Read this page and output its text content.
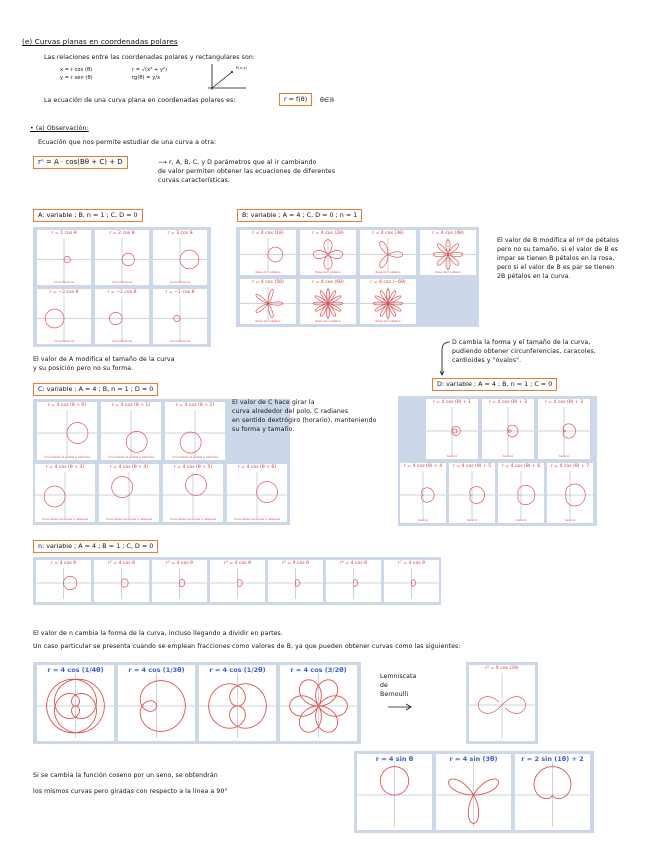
(e) Curvas planas en coordenadas polares
Las relaciones entre las coordenadas polares y rectangulares son:
x = r cos (θ)
y = r sen (θ)
r = √(x² + y²)
tg(θ) = y/x
P(x,y)
La ecuación de una curva plana en coordenadas polares es:	r = f(θ)	θ∈ℝ
• (a) Observación:
Ecuación que nos permite estudiar de una curva a otra:
rⁿ = A · cos(Bθ + C) + D	⟶ r, A, B, C, y D parámetros que al ir cambiando
de valor permiten obtener las ecuaciones de diferentes
curvas características.
A: variable ; B, n = 1 ; C, D = 0
r = 1 cos θ
Circunferencia
r = 2 cos θ
Circunferencia
r = 3 cos θ
Circunferencia
r = −3 cos θ
Circunferencia
r = −2 cos θ
Circunferencia
r = −1 cos θ
Circunferencia
El valor de A modifica el tamaño de la curva
y su posición pero no su forma.
B: variable ; A = 4 ; C, D = 0 ; n = 1
r = 4 cos (1θ)
Rosa de n pétalos
r = 4 cos (2θ)
Rosa de n pétalos
r = 4 cos (3θ)
Rosa de n pétalos
r = 4 cos (4θ)
Rosa de n pétalos
r = 4 cos (5θ)
Rosa de n pétalos
r = 4 cos (6θ)
Rosa de n pétalos
r = 4 cos (−6θ)
Rosa de n pétalos
El valor de B modifica el nº de pétalos
pero no su tamaño, si el valor de B es
impar se tienen B pétalos en la rosa,
pero si el valor de B es par se tienen
2B pétalos en la curva.
C: variable ; A = 4 ; B, n = 1 ; D = 0
r = 4 cos (θ + 0)
Circunferencia girada C radianes
r = 4 cos (θ + 1)
Circunferencia girada C radianes
r = 4 cos (θ + 2)
Circunferencia girada C radianes
r = 4 cos (θ + 3)
Circunferencia girada C radianes
r = 4 cos (θ + 4)
Circunferencia girada C radianes
r = 4 cos (θ + 5)
Circunferencia girada C radianes
r = 4 cos (θ + 6)
Circunferencia girada C radianes
El valor de C hace girar la
curva alrededor del polo, C radianes
en sentido dextrógiro (horario), manteniendo
su forma y tamaño.
D cambia la forma y el tamaño de la curva,
pudiendo obtener circunferencias, caracoles,
cardioides y "óvalos".
D: variable ; A = 4 ; B, n = 1 ; C = 0
r = 4 cos (θ) + 1
Caracol
r = 4 cos (θ) + 2
Caracol
r = 4 cos (θ) + 3
Caracol
r = 4 cos (θ) + 4
Caracol
r = 4 cos (θ) + 5
Caracol
r = 4 cos (θ) + 6
Caracol
r = 4 cos (θ) + 7
Caracol
n: variable ; A = 4 ; B = 1 ; C, D = 0
r = 4 cos θ	r² = 4 cos θ	r³ = 4 cos θ	r⁴ = 4 cos θ	r⁵ = 4 cos θ	r⁶ = 4 cos θ	r⁷ = 4 cos θ
El valor de n cambia la forma de la curva, incluso llegando a dividir en partes.
Un caso particular se presenta cuando se emplean fracciones como valores de B, ya que pueden obtener curvas como las siguientes:
r = 4 cos (1/4θ)	r = 4 cos (1/3θ)	r = 4 cos (1/2θ)	r = 4 cos (3/2θ)
Lemniscata
de
Bernoulli
r² = 9 cos (2θ)
Si se cambia la función coseno por un seno, se obtendrán
los mismos curvas pero giradas con respecto a la línea a 90°
r = 4 sin θ	r = 4 sin (3θ)	r = 2 sin (1θ) + 2
